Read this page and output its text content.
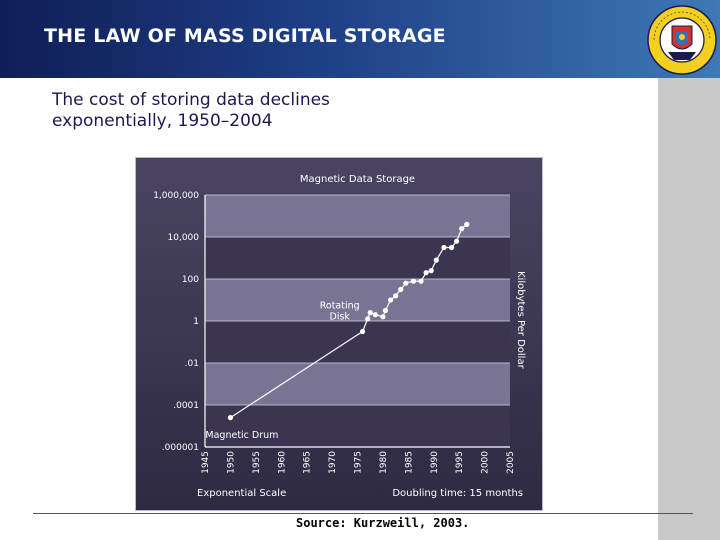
THE LAW OF MASS DIGITAL STORAGE
The cost of storing data declines exponentially, 1950–2004
1,000,000
10,000
100
1
.01
.0001
.000001
1945 1950 1955 1960 1965 1970 1975 1980 1985 1990 1995 2000 2005
Magnetic Data Storage
Kilobytes Per Dollar
Exponential Scale	Doubling time: 15 months
Magnetic Drum
Rotating Disk
Source: Kurzweill, 2003.
